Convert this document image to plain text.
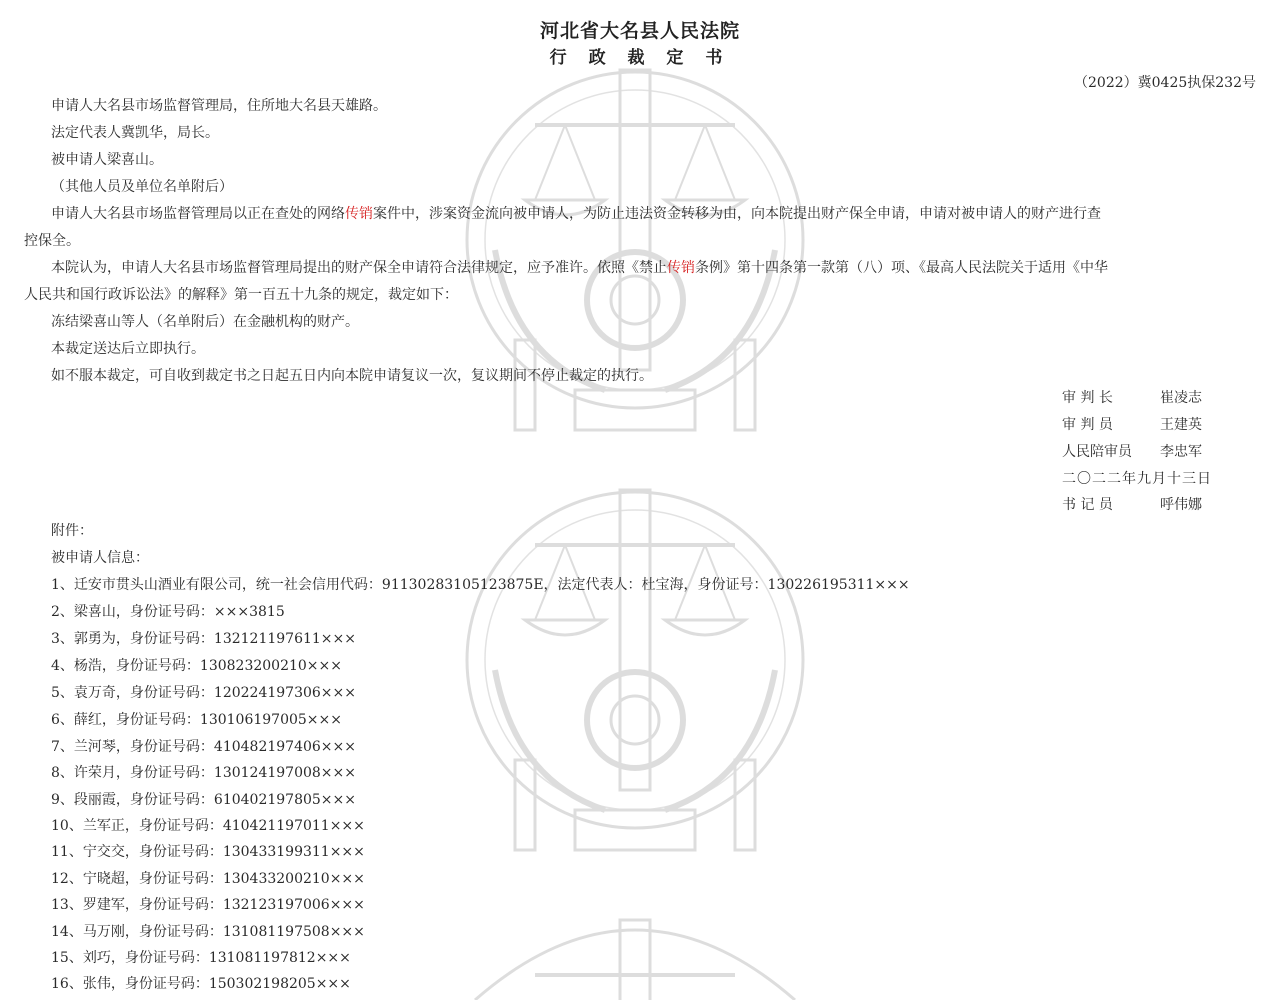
河北省大名县人民法院
行 政 裁 定 书
（2022）冀0425执保232号
申请人大名县市场监督管理局，住所地大名县天雄路。
法定代表人冀凯华，局长。
被申请人梁喜山。
（其他人员及单位名单附后）
申请人大名县市场监督管理局以正在查处的网络传销案件中，涉案资金流向被申请人，为防止违法资金转移为由，向本院提出财产保全申请，申请对被申请人的财产进行查
控保全。
本院认为，申请人大名县市场监督管理局提出的财产保全申请符合法律规定，应予准许。依照《禁止传销条例》第十四条第一款第（八）项、《最高人民法院关于适用《中华
人民共和国行政诉讼法》的解释》第一百五十九条的规定，裁定如下：
冻结梁喜山等人（名单附后）在金融机构的财产。
本裁定送达后立即执行。
如不服本裁定，可自收到裁定书之日起五日内向本院申请复议一次，复议期间不停止裁定的执行。
审 判 长	崔凌志
审 判 员	王建英
人民陪审员 李忠军
二〇二二年九月十三日
书 记 员	呼伟娜
附件：
被申请人信息：
1、迁安市贯头山酒业有限公司，统一社会信用代码：91130283105123875E，法定代表人：杜宝海，身份证号：130226195311×××
2、梁喜山，身份证号码：×××3815
3、郭勇为，身份证号码：132121197611×××
4、杨浩，身份证号码：130823200210×××
5、袁万奇，身份证号码：120224197306×××
6、薛红，身份证号码：130106197005×××
7、兰河琴，身份证号码：410482197406×××
8、许荣月，身份证号码：130124197008×××
9、段丽霞，身份证号码：610402197805×××
10、兰军正，身份证号码：410421197011×××
11、宁交交，身份证号码：130433199311×××
12、宁晓超，身份证号码：130433200210×××
13、罗建军，身份证号码：132123197006×××
14、马万刚，身份证号码：131081197508×××
15、刘巧，身份证号码：131081197812×××
16、张伟，身份证号码：150302198205×××
